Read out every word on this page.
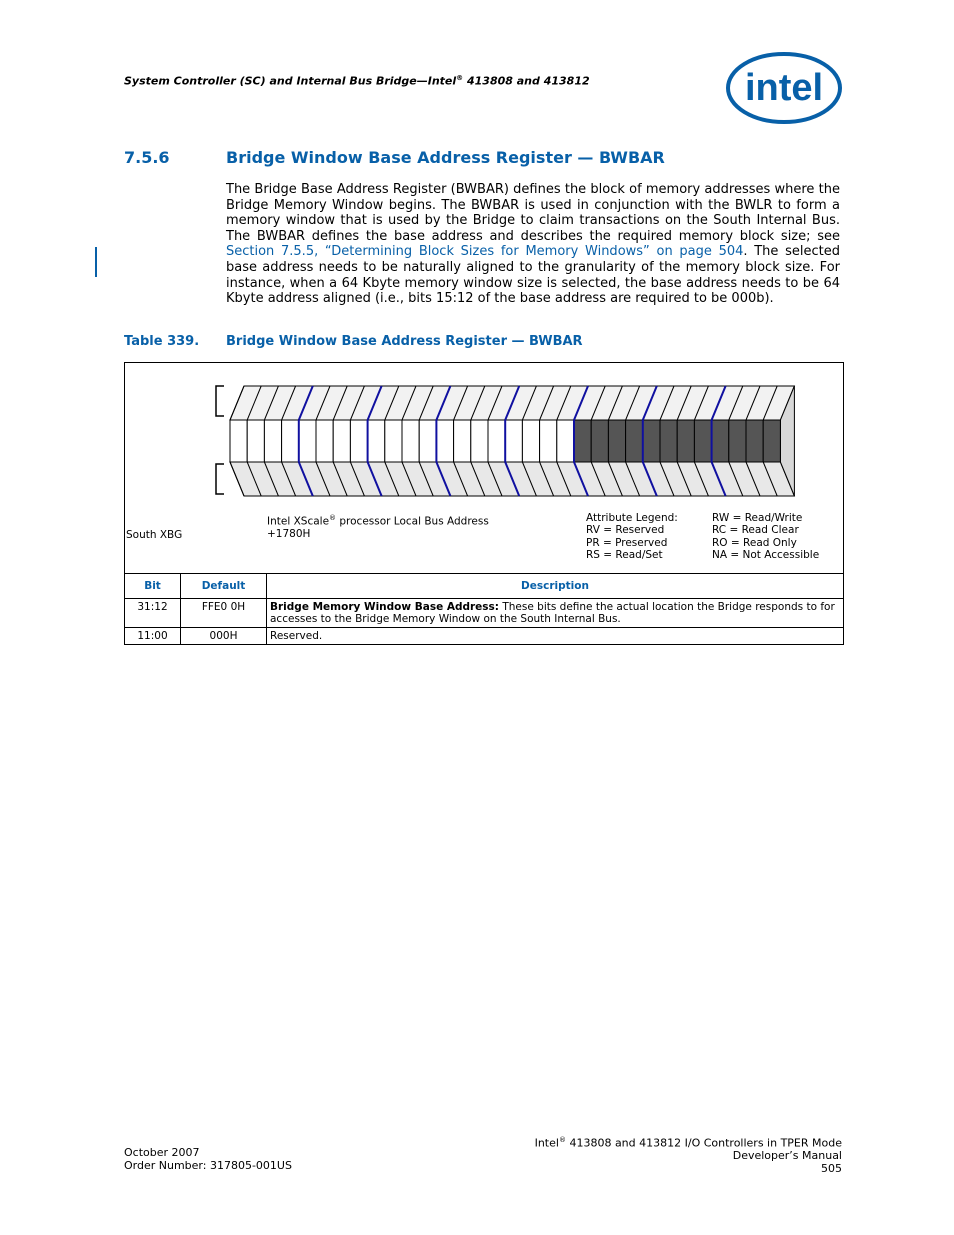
System Controller (SC) and Internal Bus Bridge—Intel® 413808 and 413812	intel
7.5.6	Bridge Window Base Address Register — BWBAR
The Bridge Base Address Register (BWBAR) defines the block of memory addresses where the Bridge Memory Window begins. The BWBAR is used in conjunction with the BWLR to form a memory window that is used by the Bridge to claim transactions on the South Internal Bus. The BWBAR defines the base address and describes the required memory block size; see Section 7.5.5, “Determining Block Sizes for Memory Windows” on page 504. The selected base address needs to be naturally aligned to the granularity of the memory block size. For instance, when a 64 Kbyte memory window size is selected, the base address needs to be 64 Kbyte address aligned (i.e., bits 15:12 of the base address are required to be 000b).
Table 339. Bridge Window Base Address Register — BWBAR
South XBG
Intel XScale® processor Local Bus Address
+1780H
Attribute Legend:
RV = Reserved
PR = Preserved
RS = Read/Set
RW = Read/Write
RC = Read Clear
RO = Read Only
NA = Not Accessible
Bit	Default	Description
31:12	FFE0 0H	Bridge Memory Window Base Address: These bits define the actual location the Bridge responds to for accesses to the Bridge Memory Window on the South Internal Bus.
11:00	000H	Reserved.
October 2007
Order Number: 317805-001US
Intel® 413808 and 413812 I/O Controllers in TPER Mode
Developer’s Manual
505
